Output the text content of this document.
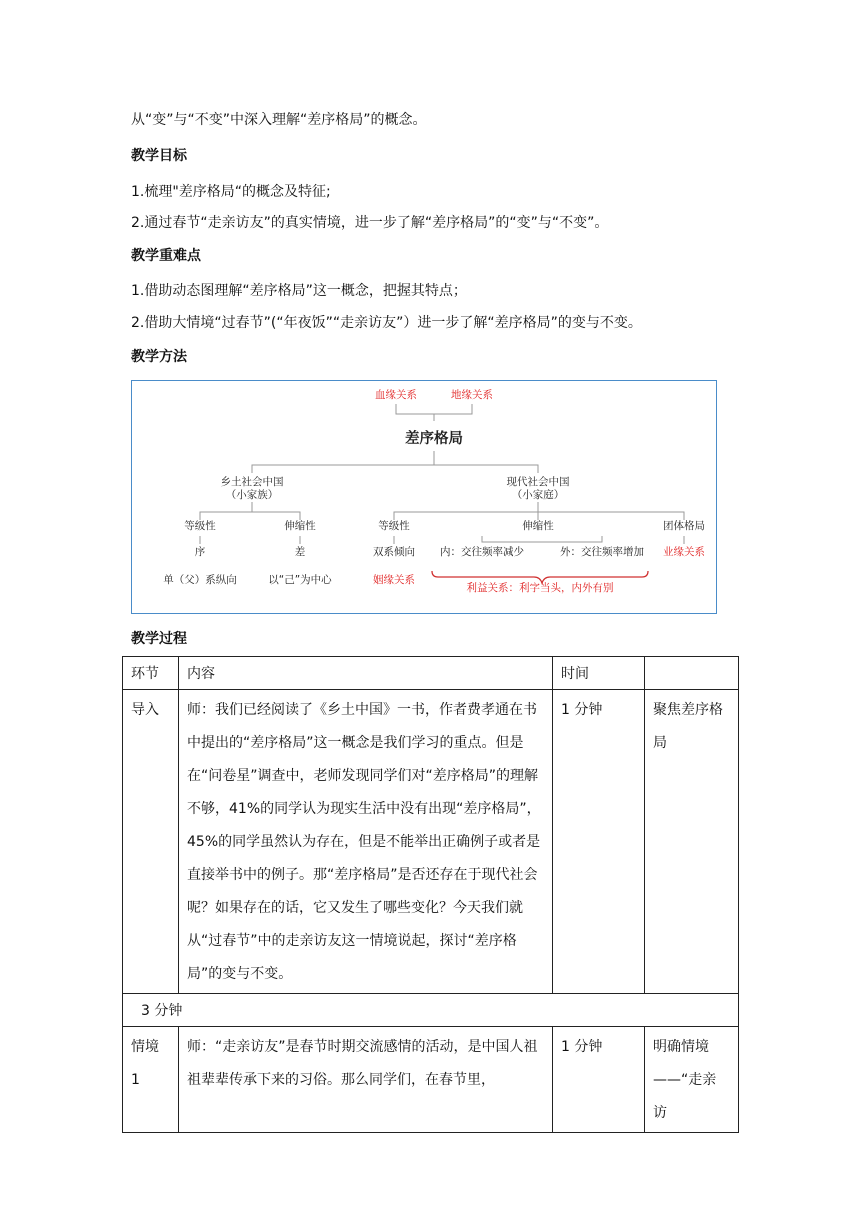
从“变”与“不变”中深入理解“差序格局”的概念。
教学目标
1.梳理"差序格局“的概念及特征;
2.通过春节“走亲访友”的真实情境，进一步了解“差序格局”的“变”与“不变”。
教学重难点
1.借助动态图理解“差序格局”这一概念，把握其特点；
2.借助大情境“过春节”(“年夜饭”“走亲访友”）进一步了解“差序格局”的变与不变。
教学方法
血缘关系	地缘关系
差序格局
乡土社会中国
（小家族）
现代社会中国
（小家庭）
等级性	伸缩性
序	差
单（父）系纵向	以“己”为中心
等级性	伸缩性	团体格局
双系倾向 内：交往频率减少	外：交往频率增加 业缘关系
姻缘关系
利益关系：利字当头，内外有别
教学过程
环节	内容	时间	
导入	师：我们已经阅读了《乡土中国》一书，作者费孝通在书中提出的“差序格局”这一概念是我们学习的重点。但是在“问卷星”调查中，老师发现同学们对“差序格局”的理解不够，41%的同学认为现实生活中没有出现“差序格局”，45%的同学虽然认为存在，但是不能举出正确例子或者是直接举书中的例子。那“差序格局”是否还存在于现代社会呢？如果存在的话，它又发生了哪些变化？今天我们就从“过春节”中的走亲访友这一情境说起，探讨“差序格局”的变与不变。	1 分钟	聚焦差序格局
3 分钟			
情境 1	师：“走亲访友”是春节时期交流感情的活动，是中国人祖祖辈辈传承下来的习俗。那么同学们，在春节里，	1 分钟	明确情境——“走亲访
